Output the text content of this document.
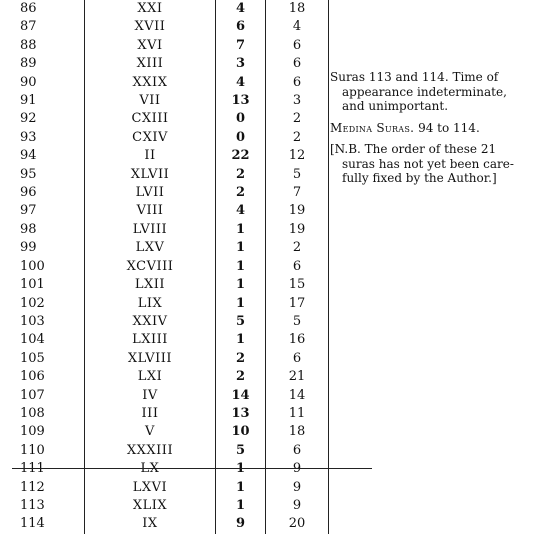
86	XXI	4	18
87	XVII	6	4
88	XVI	7	6
89	XIII	3	6
90	XXIX	4	6
91	VII	13	3
92	CXIII	0	2
93	CXIV	0	2
94	II	22	12
95	XLVII	2	5
96	LVII	2	7
97	VIII	4	19
98	LVIII	1	19
99	LXV	1	2
100	XCVIII	1	6
101	LXII	1	15
102	LIX	1	17
103	XXIV	5	5
104	LXIII	1	16
105	XLVIII	2	6
106	LXI	2	21
107	IV	14	14
108	III	13	11
109	V	10	18
110	XXXIII	5	6
111	LX	1	9
112	LXVI	1	9
113	XLIX	1	9
114	IX	9	20

Suras 113 and 114. Time of

appearance indeterminate,

and unimportant.

Medina Suras. 94 to 114.

[N.B. The order of these 21

suras has not yet been care-

fully fixed by the Author.]
